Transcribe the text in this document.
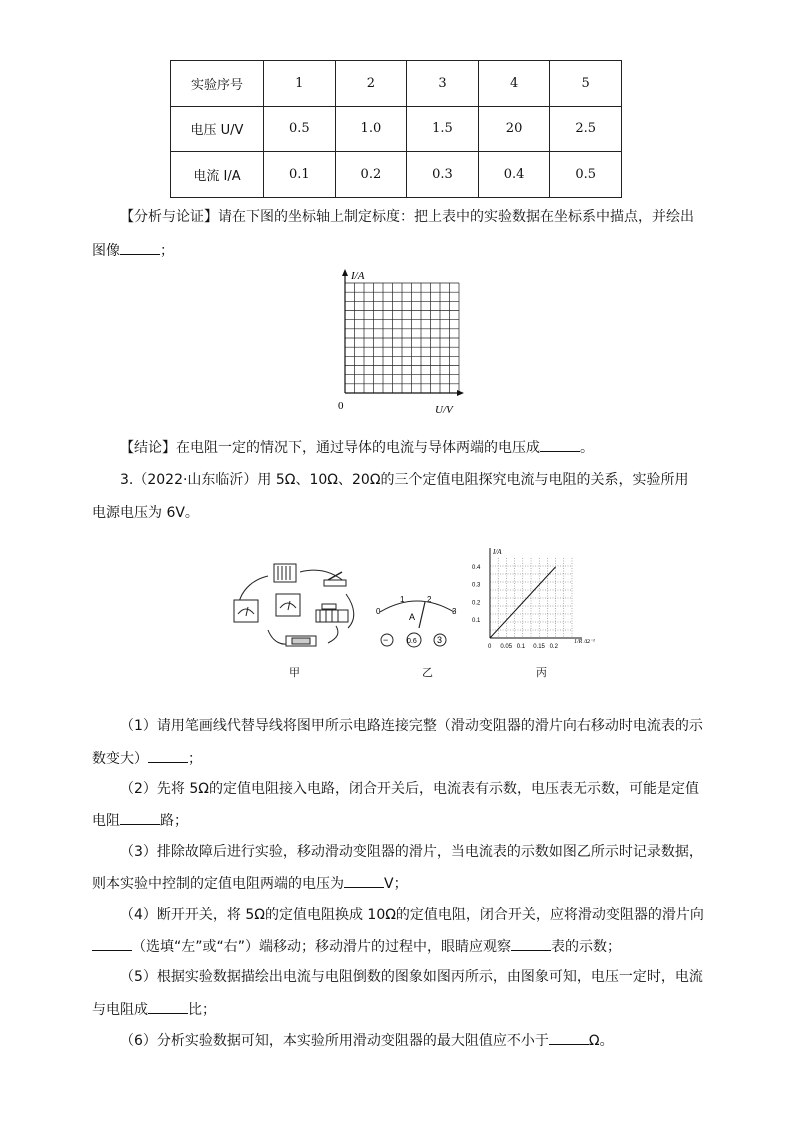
实验序号	1	2	3	4	5
电压 U/V	0.5	1.0	1.5	20	2.5
电流 I/A	0.1	0.2	0.3	0.4	0.5
【分析与论证】请在下图的坐标轴上制定标度：把上表中的实验数据在坐标系中描点，并绘出
图像	；
I/A
0	U/V
【结论】在电阻一定的情况下，通过导体的电流与导体两端的电压成	。
3.（2022·山东临沂）用 5Ω、10Ω、20Ω的三个定值电阻探究电流与电阻的关系，实验所用
电源电压为 6V。
0
1	2
3
A
−	0.6 3
I/A
1/R /Ω⁻¹
0 0.05 0.1 0.15 0.2
0.1
0.2
0.3
0.4
甲	乙	丙
（1）请用笔画线代替导线将图甲所示电路连接完整（滑动变阻器的滑片向右移动时电流表的示
数变大）	；
（2）先将 5Ω的定值电阻接入电路，闭合开关后，电流表有示数，电压表无示数，可能是定值
电阻	路；
（3）排除故障后进行实验，移动滑动变阻器的滑片，当电流表的示数如图乙所示时记录数据，
则本实验中控制的定值电阻两端的电压为	V；
（4）断开开关，将 5Ω的定值电阻换成 10Ω的定值电阻，闭合开关，应将滑动变阻器的滑片向
（选填“左”或“右”）端移动；移动滑片的过程中，眼睛应观察	表的示数；
（5）根据实验数据描绘出电流与电阻倒数的图象如图丙所示，由图象可知，电压一定时，电流
与电阻成	比；
（6）分析实验数据可知，本实验所用滑动变阻器的最大阻值应不小于	Ω。
